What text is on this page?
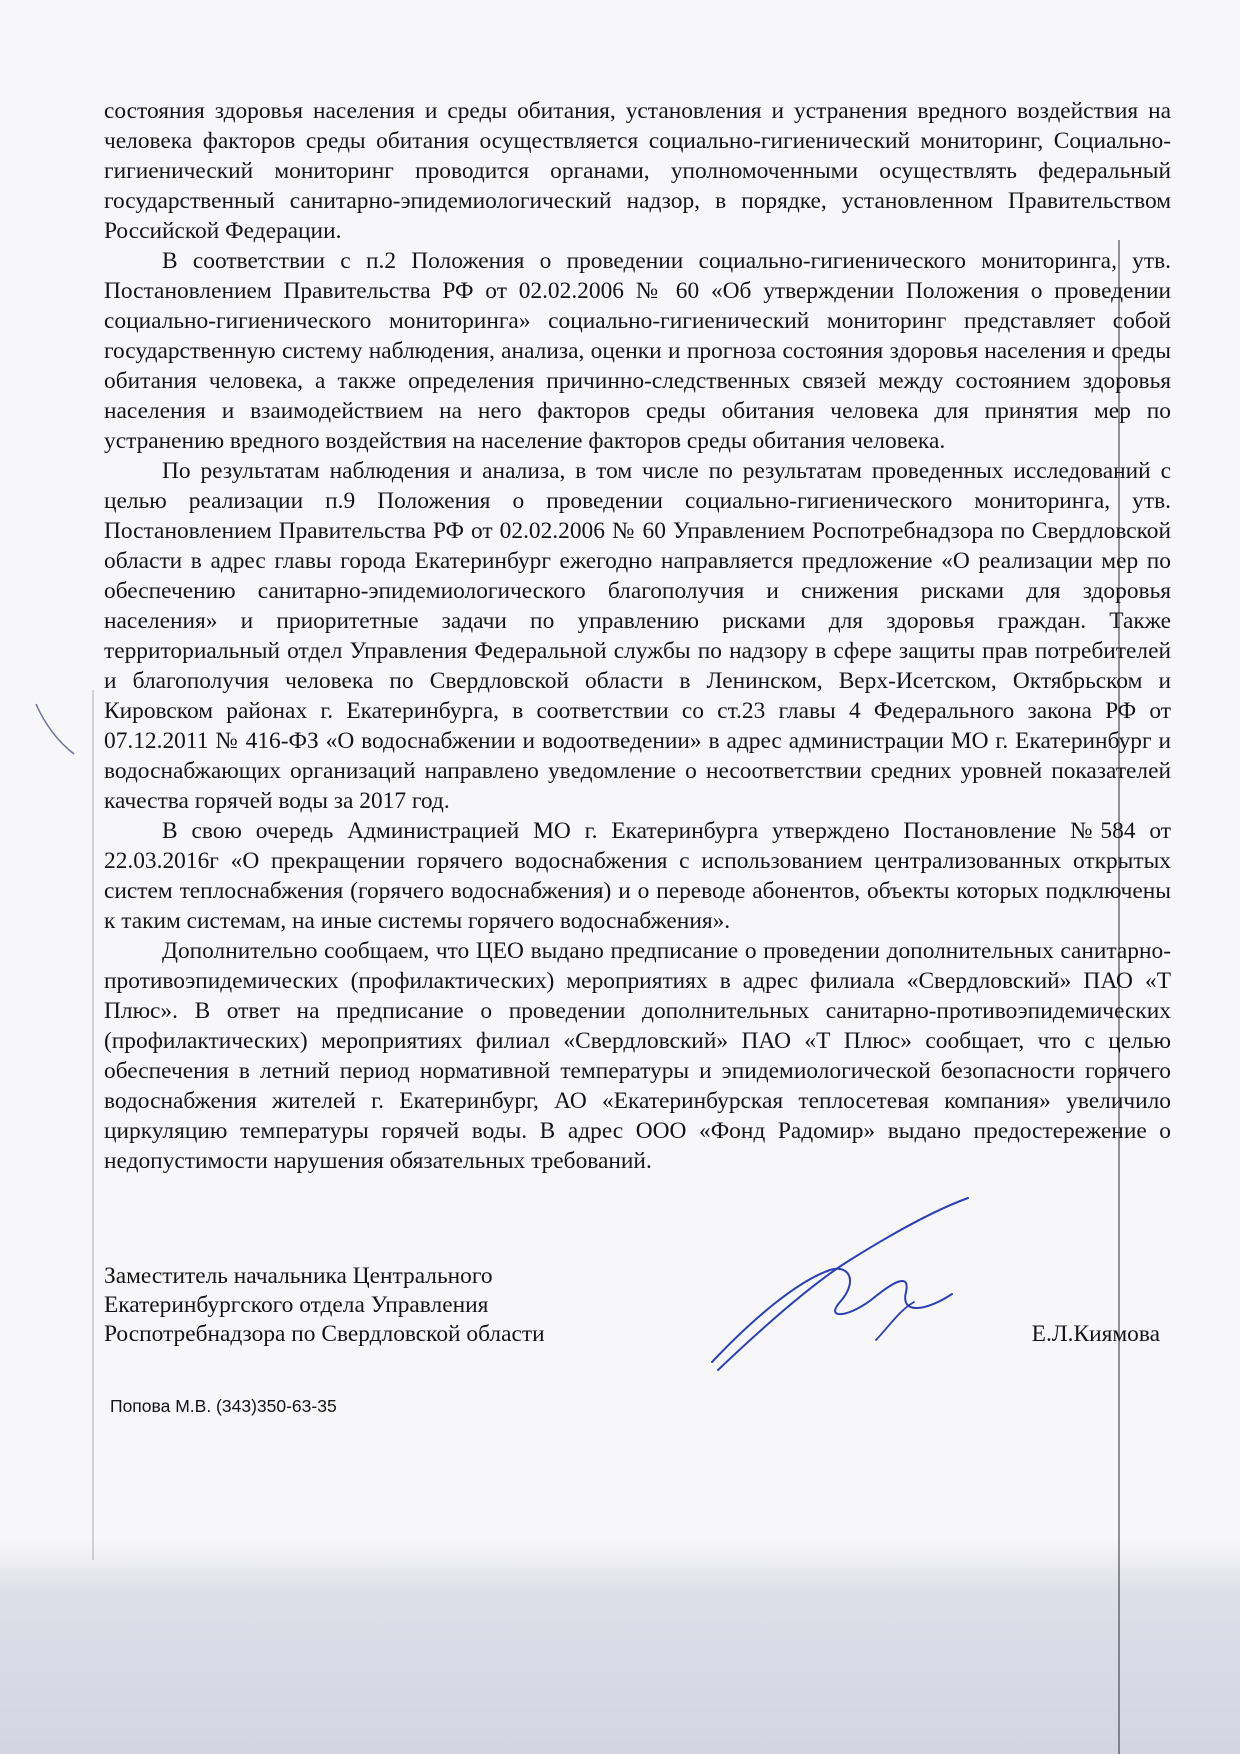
состояния здоровья населения и среды обитания, установления и устранения вредного воздействия на человека факторов среды обитания осуществляется социально-гигиенический мониторинг, Социально-гигиенический мониторинг проводится органами, уполномоченными осуществлять федеральный государственный санитарно-эпидемиологический надзор, в порядке, установленном Правительством Российской Федерации.

В соответствии с п.2 Положения о проведении социально-гигиенического мониторинга, утв. Постановлением Правительства РФ от 02.02.2006 № 60 «Об утверждении Положения о проведении социально-гигиенического мониторинга» социально-гигиенический мониторинг представляет собой государственную систему наблюдения, анализа, оценки и прогноза состояния здоровья населения и среды обитания человека, а также определения причинно-следственных связей между состоянием здоровья населения и взаимодействием на него факторов среды обитания человека для принятия мер по устранению вредного воздействия на население факторов среды обитания человека.

По результатам наблюдения и анализа, в том числе по результатам проведенных исследований с целью реализации п.9 Положения о проведении социально-гигиенического мониторинга, утв. Постановлением Правительства РФ от 02.02.2006 № 60 Управлением Роспотребнадзора по Свердловской области в адрес главы города Екатеринбург ежегодно направляется предложение «О реализации мер по обеспечению санитарно-эпидемиологического благополучия и снижения рисками для здоровья населения» и приоритетные задачи по управлению рисками для здоровья граждан. Также территориальный отдел Управления Федеральной службы по надзору в сфере защиты прав потребителей и благополучия человека по Свердловской области в Ленинском, Верх-Исетском, Октябрьском и Кировском районах г. Екатеринбурга, в соответствии со ст.23 главы 4 Федерального закона РФ от 07.12.2011 № 416-ФЗ «О водоснабжении и водоотведении» в адрес администрации МО г. Екатеринбург и водоснабжающих организаций направлено уведомление о несоответствии средних уровней показателей качества горячей воды за 2017 год.

В свою очередь Администрацией МО г. Екатеринбурга утверждено Постановление №584 от 22.03.2016г «О прекращении горячего водоснабжения с использованием централизованных открытых систем теплоснабжения (горячего водоснабжения) и о переводе абонентов, объекты которых подключены к таким системам, на иные системы горячего водоснабжения».

Дополнительно сообщаем, что ЦЕО выдано предписание о проведении дополнительных санитарно-противоэпидемических (профилактических) мероприятиях в адрес филиала «Свердловский» ПАО «Т Плюс». В ответ на предписание о проведении дополнительных санитарно-противоэпидемических (профилактических) мероприятиях филиал «Свердловский» ПАО «Т Плюс» сообщает, что с целью обеспечения в летний период нормативной температуры и эпидемиологической безопасности горячего водоснабжения жителей г. Екатеринбург, АО «Екатеринбурская теплосетевая компания» увеличило циркуляцию температуры горячей воды. В адрес ООО «Фонд Радомир» выдано предостережение о недопустимости нарушения обязательных требований.

Заместитель начальника Центрального
Екатеринбургского отдела Управления
Роспотребнадзора по Свердловской области	Е.Л.Киямова
Попова М.В. (343)350-63-35
